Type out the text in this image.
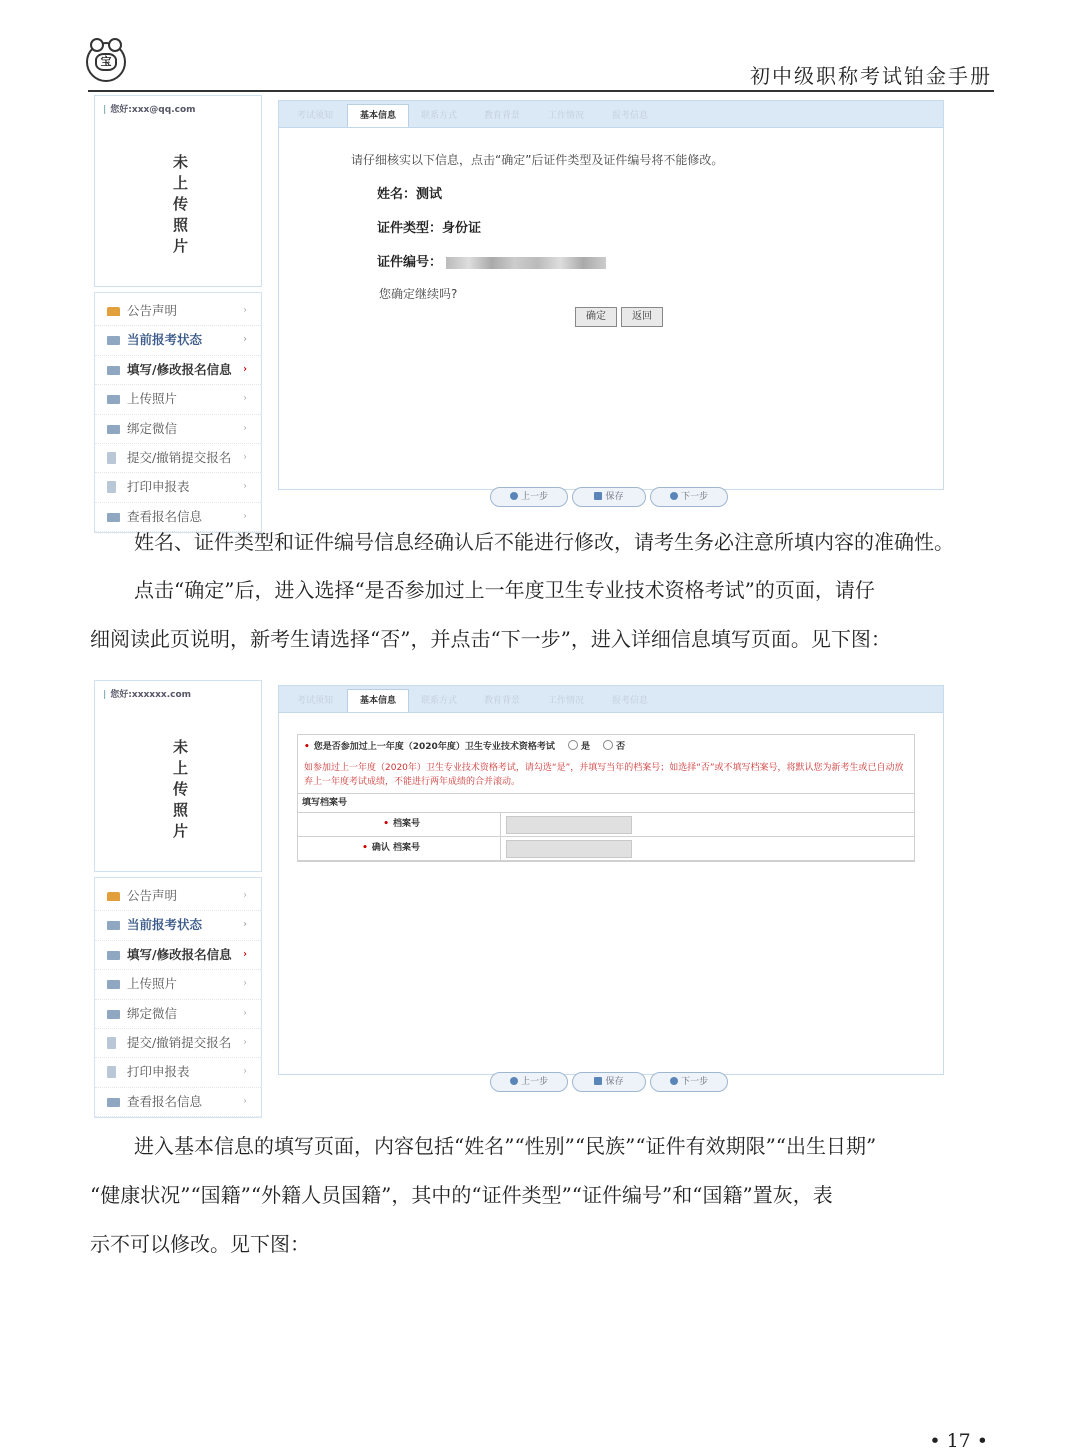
宝
初中级职称考试铂金手册
| 您好:xxx@qq.com
未上传照片
公告声明	›
当前报考状态	›
填写/修改报名信息 ›
上传照片	›
绑定微信	›
提交/撤销提交报名 ›
打印申报表	›
查看报名信息	›
考试须知	基本信息	联系方式	教育背景	工作情况	报考信息
请仔细核实以下信息，点击“确定”后证件类型及证件编号将不能修改。
姓名：测试
证件类型：身份证
证件编号：
您确定继续吗?
确定	返回
上一步	保存	下一步
姓名、证件类型和证件编号信息经确认后不能进行修改，请考生务必注意所填内容的准确性。
点击“确定”后，进入选择“是否参加过上一年度卫生专业技术资格考试”的页面，请仔
细阅读此页说明，新考生请选择“否”，并点击“下一步”，进入详细信息填写页面。见下图：
| 您好:xxxxxx.com
未上传照片
公告声明	›
当前报考状态	›
填写/修改报名信息 ›
上传照片	›
绑定微信	›
提交/撤销提交报名 ›
打印申报表	›
查看报名信息	›
考试须知	基本信息	联系方式	教育背景	工作情况	报考信息
• 您是否参加过上一年度（2020年度）卫生专业技术资格考试	是	否
如参加过上一年度（2020年）卫生专业技术资格考试，请勾选“是”，并填写当年的档案号；如选择“否”或不填写档案号，将默认您为新考生或已自动放弃上一年度考试成绩，不能进行两年成绩的合并滚动。
填写档案号
• 档案号
• 确认 档案号
上一步	保存	下一步
进入基本信息的填写页面，内容包括“姓名”“性别”“民族”“证件有效期限”“出生日期”
“健康状况”“国籍”“外籍人员国籍”，其中的“证件类型”“证件编号”和“国籍”置灰，表
示不可以修改。见下图：
• 17 •
